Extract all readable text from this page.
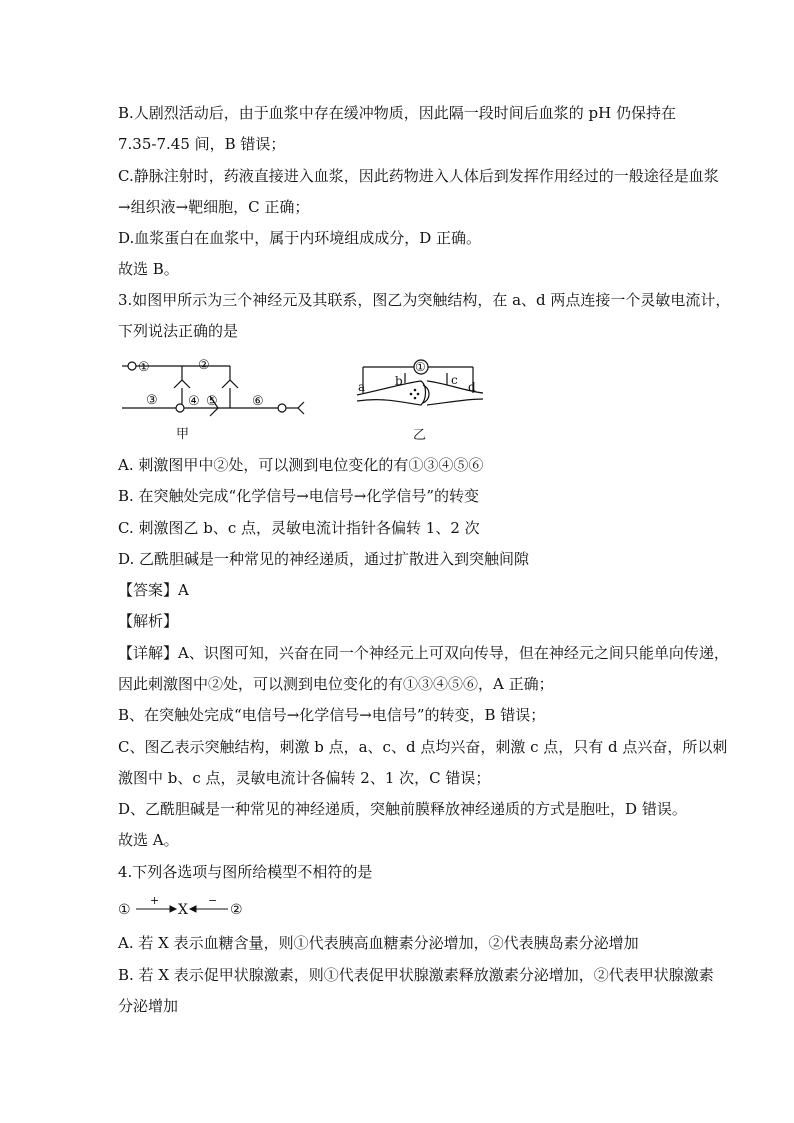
B.人剧烈活动后，由于血浆中存在缓冲物质，因此隔一段时间后血浆的 pH 仍保持在
7.35-7.45 间，B 错误；
C.静脉注射时，药液直接进入血浆，因此药物进入人体后到发挥作用经过的一般途径是血浆
→组织液→靶细胞，C 正确；
D.血浆蛋白在血浆中，属于内环境组成成分，D 正确。
故选 B。
3.如图甲所示为三个神经元及其联系，图乙为突触结构，在 a、d 两点连接一个灵敏电流计，
下列说法正确的是
①	②
③ ④ ⑤	⑥
甲
①
a b	c d
乙
A. 刺激图甲中②处，可以测到电位变化的有①③④⑤⑥
B. 在突触处完成“化学信号→电信号→化学信号”的转变
C. 刺激图乙 b、c 点，灵敏电流计指针各偏转 1、2 次
D. 乙酰胆碱是一种常见的神经递质，通过扩散进入到突触间隙
【答案】A
【解析】
【详解】A、识图可知，兴奋在同一个神经元上可双向传导，但在神经元之间只能单向传递，
因此刺激图中②处，可以测到电位变化的有①③④⑤⑥，A 正确；
B、在突触处完成“电信号→化学信号→电信号”的转变，B 错误；
C、图乙表示突触结构，刺激 b 点，a、c、d 点均兴奋，刺激 c 点，只有 d 点兴奋，所以刺
激图中 b、c 点，灵敏电流计各偏转 2、1 次，C 错误；
D、乙酰胆碱是一种常见的神经递质，突触前膜释放神经递质的方式是胞吐，D 错误。
故选 A。
4.下列各选项与图所给模型不相符的是
①
+
X
−
②
A. 若 X 表示血糖含量，则①代表胰高血糖素分泌增加，②代表胰岛素分泌增加
B. 若 X 表示促甲状腺激素，则①代表促甲状腺激素释放激素分泌增加，②代表甲状腺激素
分泌增加
